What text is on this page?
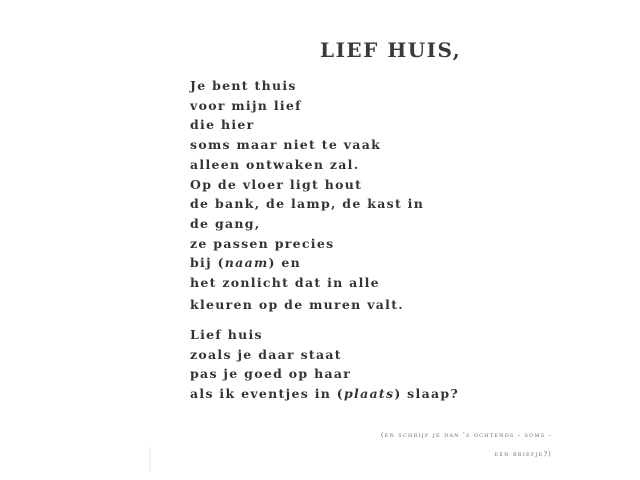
LIEF HUIS,
Je bent thuis
voor mijn lief
die hier
soms maar niet te vaak
alleen ontwaken zal.
Op de vloer ligt hout
de bank, de lamp, de kast in
de gang,
ze passen precies
bij (naam) en
het zonlicht dat in alle
kleuren op de muren valt.
Lief huis
zoals je daar staat
pas je goed op haar
als ik eventjes in (plaats) slaap?

(en schrijf je dan 's ochtends - soms -

een briefje?)

Studio Design
